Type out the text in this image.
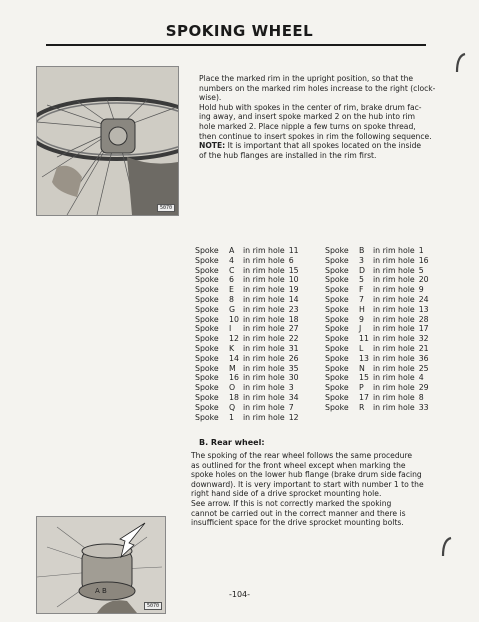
SPOKING WHEEL
5070

Place the marked rim in the upright position, so that the

numbers on the marked rim holes increase to the right (clock-

wise).

Hold hub with spokes in the center of rim, brake drum fac-

ing away, and insert spoke marked 2 on the hub into rim

hole marked 2. Place nipple a few turns on spoke thread,

then continue to insert spokes in rim the following sequence.

NOTE: It is important that all spokes located on the inside

of the hub flanges are installed in the rim first.

Spoke	A	in rim hole 11
Spoke	4	in rim hole 6
Spoke	C	in rim hole 15
Spoke	6	in rim hole 10
Spoke	E	in rim hole 19
Spoke	8	in rim hole 14
Spoke	G	in rim hole 23
Spoke	10 in rim hole 18
Spoke	I	in rim hole 27
Spoke	12 in rim hole 22
Spoke	K	in rim hole 31
Spoke	14 in rim hole 26
Spoke	M in rim hole 35
Spoke	16 in rim hole 30
Spoke	O	in rim hole 3
Spoke	18 in rim hole 34
Spoke	Q	in rim hole 7
Spoke	1	in rim hole 12
Spoke	B	in rim hole 1
Spoke	3	in rim hole 16
Spoke	D	in rim hole 5
Spoke	5	in rim hole 20
Spoke	F	in rim hole 9
Spoke	7	in rim hole 24
Spoke	H	in rim hole 13
Spoke	9	in rim hole 28
Spoke	J	in rim hole 17
Spoke	11 in rim hole 32
Spoke	L	in rim hole 21
Spoke	13 in rim hole 36
Spoke	N	in rim hole 25
Spoke	15 in rim hole 4
Spoke	P	in rim hole 29
Spoke	17 in rim hole 8
Spoke	R	in rim hole 33
B. Rear wheel:

The spoking of the rear wheel follows the same procedure

as outlined for the front wheel except when marking the

spoke holes on the lower hub flange (brake drum side facing

downward). It is very important to start with number 1 to the

right hand side of a drive sprocket mounting hole.

See arrow. If this is not correctly marked the spoking

cannot be carried out in the correct manner and there is

insufficient space for the drive sprocket mounting bolts.

A B
5070
-104-
